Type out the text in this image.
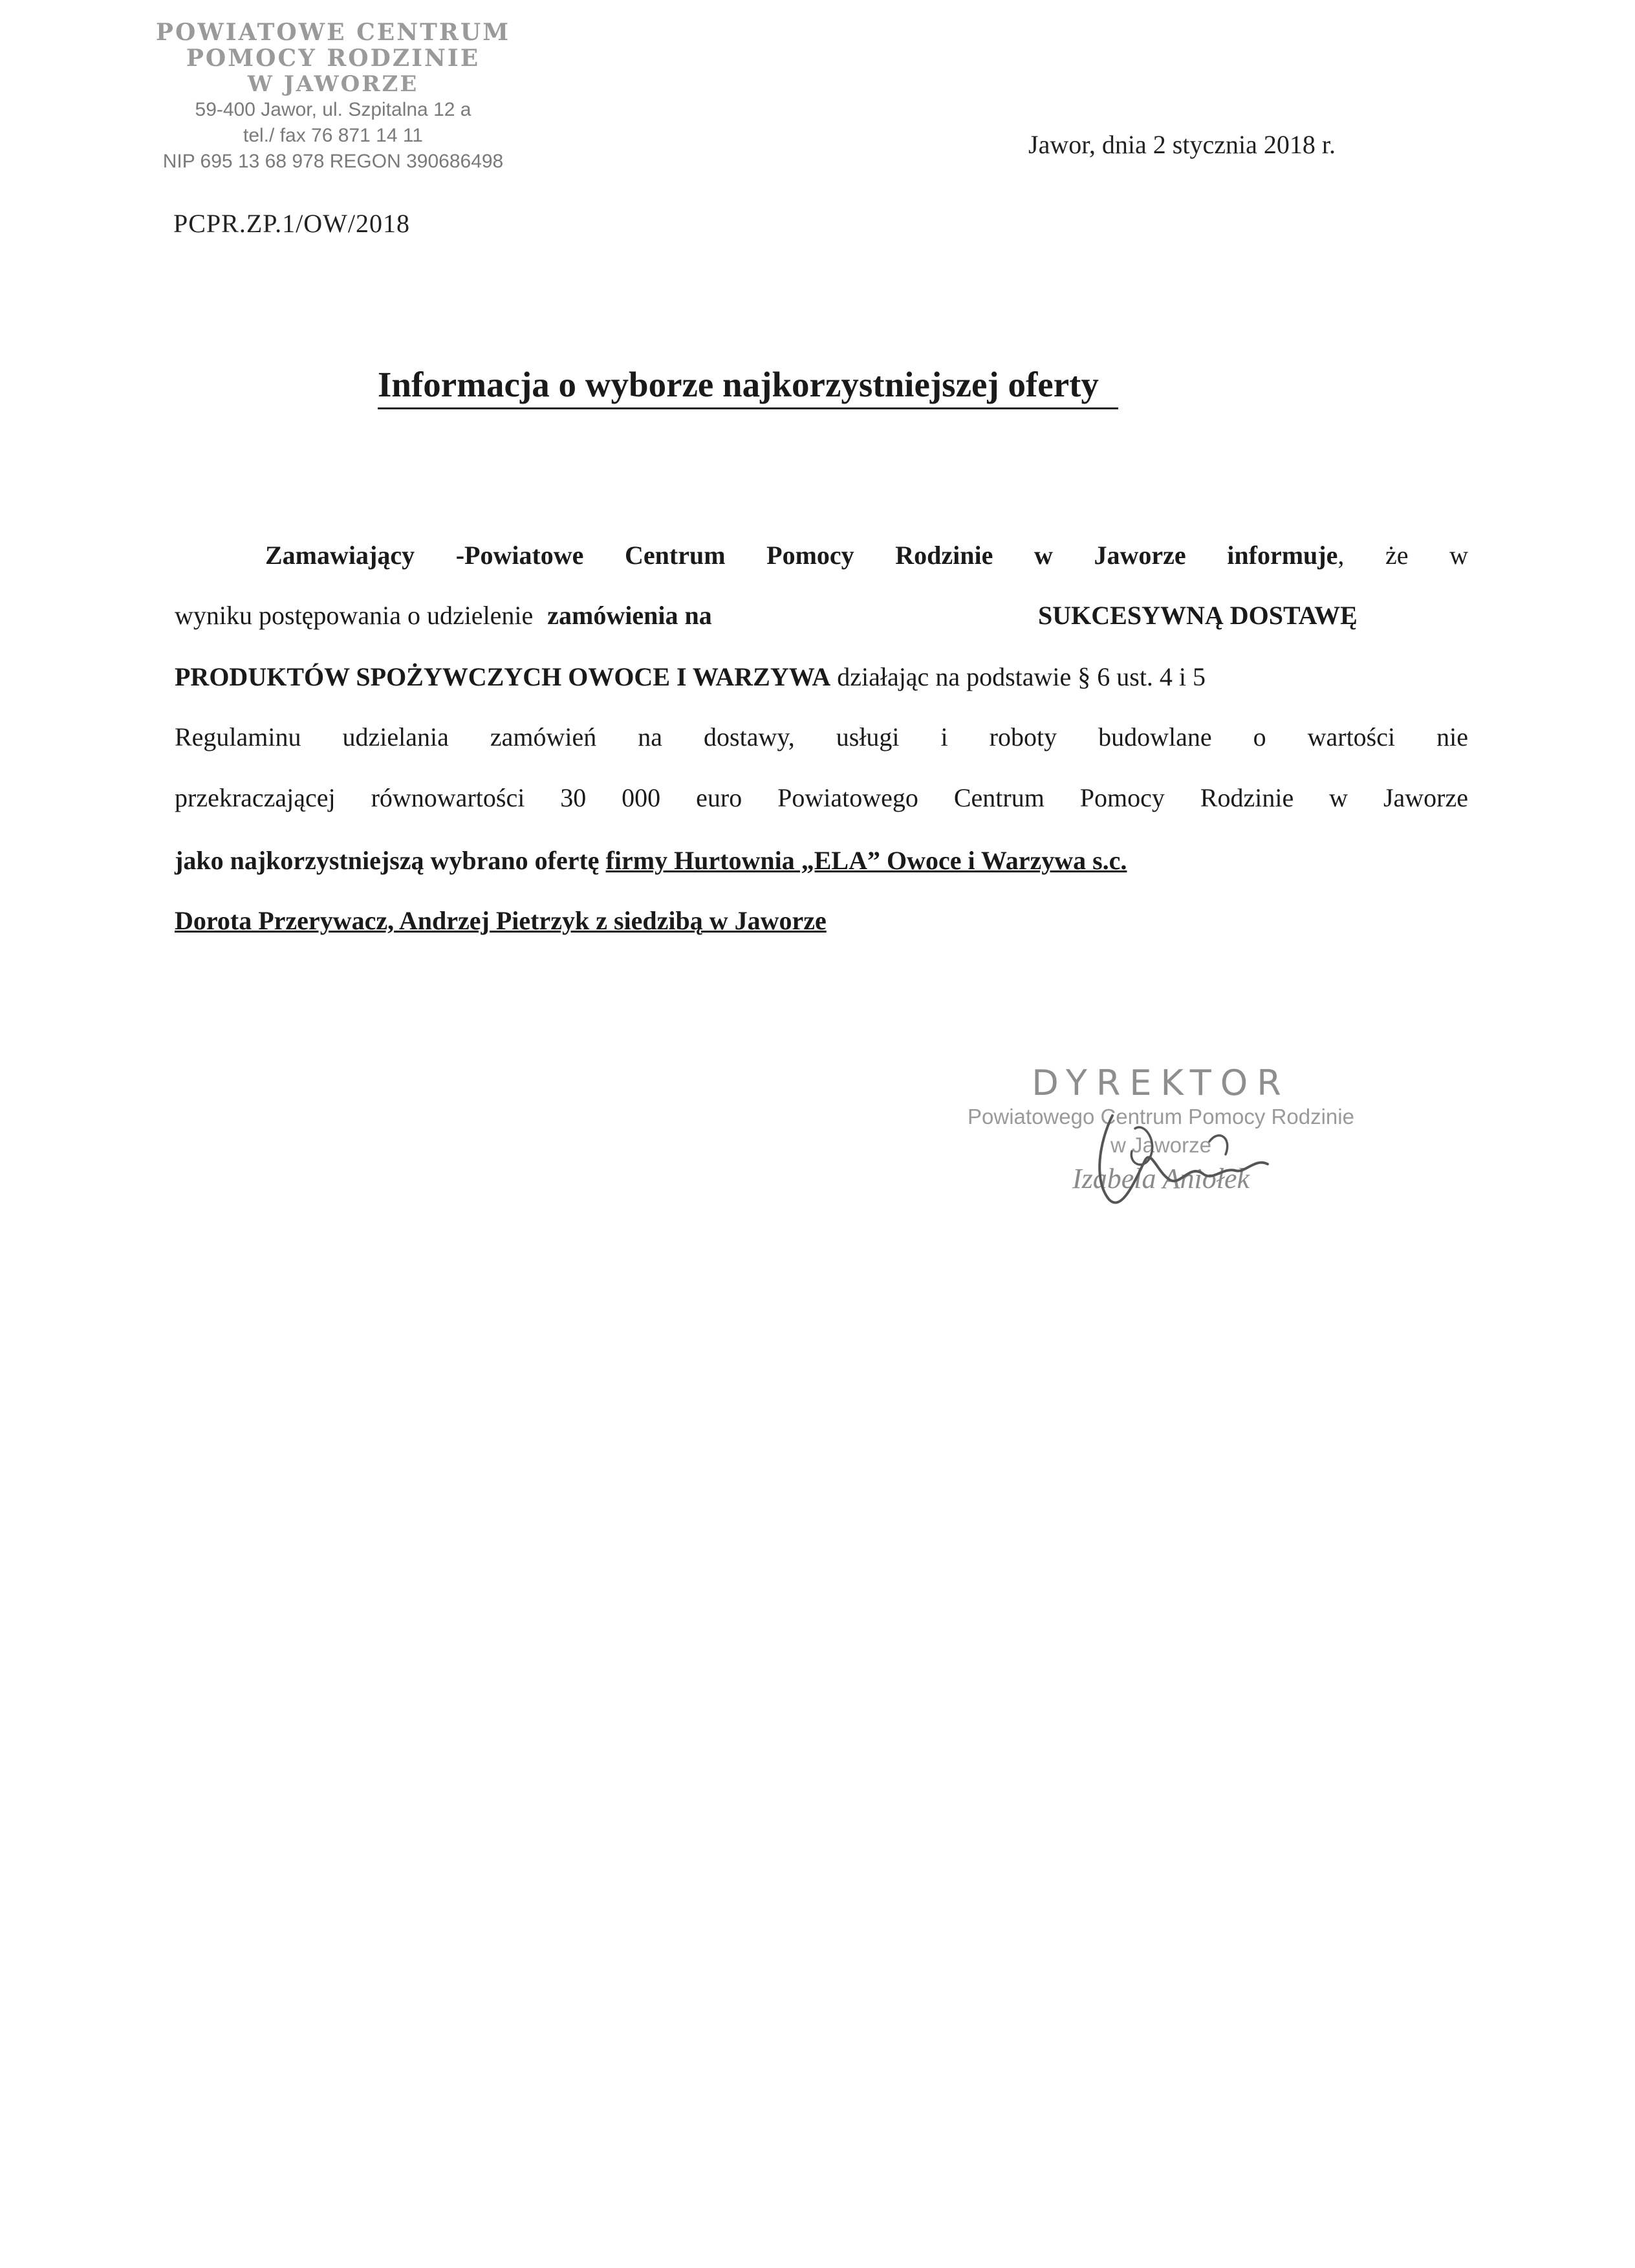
POWIATOWE CENTRUM
POMOCY RODZINIE
W JAWORZE
59-400 Jawor, ul. Szpitalna 12 a
tel./ fax 76 871 14 11
NIP 695 13 68 978 REGON 390686498
Jawor, dnia 2 stycznia 2018 r.
PCPR.ZP.1/OW/2018
Informacja o wyborze najkorzystniejszej oferty
Zamawiający -Powiatowe Centrum Pomocy Rodzinie w Jaworze informuje, że w
wyniku postępowania o udzielenie zamówienia na	SUKCESYWNĄ DOSTAWĘ
PRODUKTÓW SPOŻYWCZYCH OWOCE I WARZYWA działając na podstawie § 6 ust. 4 i 5
Regulaminu udzielania zamówień na dostawy, usługi i roboty budowlane o wartości nie
przekraczającej równowartości 30 000 euro Powiatowego Centrum Pomocy Rodzinie w Jaworze
jako najkorzystniejszą wybrano ofertę firmy Hurtownia „ELA” Owoce i Warzywa s.c.
Dorota Przerywacz, Andrzej Pietrzyk z siedzibą w Jaworze
DYREKTOR
Powiatowego Centrum Pomocy Rodzinie
w Jaworze
Izabela Aniołek
